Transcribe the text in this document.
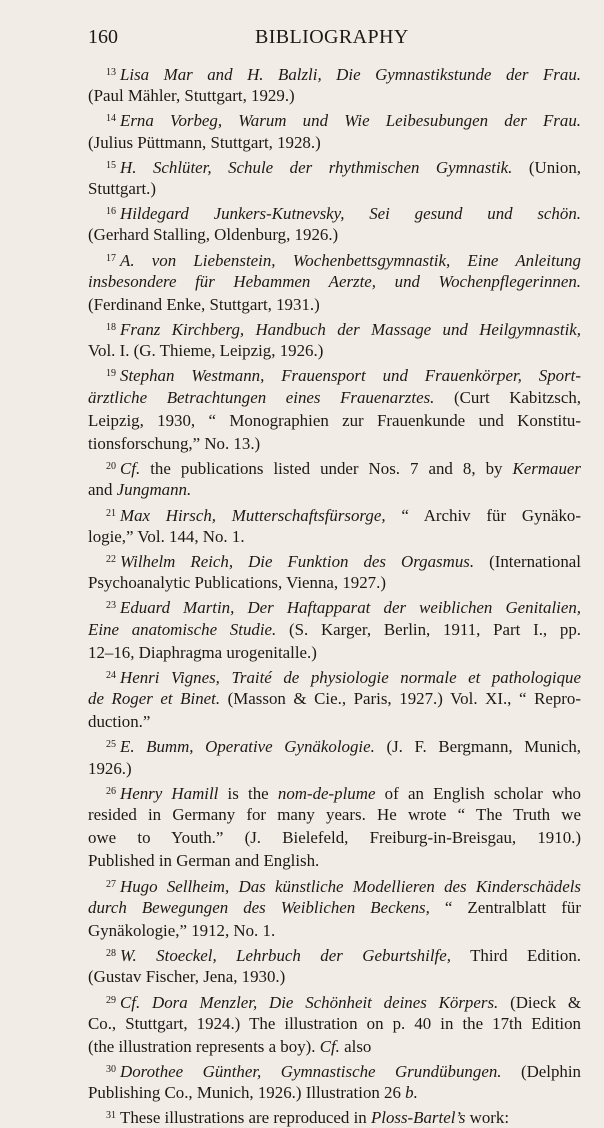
160	BIBLIOGRAPHY
$^{13}$ Lisa Mar and H. Balzli, Die Gymnastikstunde der Frau.
(Paul Mähler, Stuttgart, 1929.)
$^{14}$ Erna Vorbeg, Warum und Wie Leibesubungen der Frau.
(Julius Püttmann, Stuttgart, 1928.)
$^{15}$ H. Schlüter, Schule der rhythmischen Gymnastik. (Union,
Stuttgart.)
$^{16}$ Hildegard Junkers-Kutnevsky, Sei gesund und schön.
(Gerhard Stalling, Oldenburg, 1926.)
$^{17}$ A. von Liebenstein, Wochenbettsgymnastik, Eine Anleitung
insbesondere für Hebammen Aerzte, und Wochenpflegerinnen.
(Ferdinand Enke, Stuttgart, 1931.)
$^{18}$ Franz Kirchberg, Handbuch der Massage und Heilgymnastik,
Vol. I. (G. Thieme, Leipzig, 1926.)
$^{19}$ Stephan Westmann, Frauensport und Frauenkörper, Sport-
ärztliche Betrachtungen eines Frauenarztes. (Curt Kabitzsch,
Leipzig, 1930, “ Monographien zur Frauenkunde und Konstitu-
tionsforschung,” No. 13.)
$^{20}$ Cf. the publications listed under Nos. 7 and 8, by Kermauer
and Jungmann.
$^{21}$ Max Hirsch, Mutterschaftsfürsorge, “ Archiv für Gynäko-
logie,” Vol. 144, No. 1.
$^{22}$ Wilhelm Reich, Die Funktion des Orgasmus. (International
Psychoanalytic Publications, Vienna, 1927.)
$^{23}$ Eduard Martin, Der Haftapparat der weiblichen Genitalien,
Eine anatomische Studie. (S. Karger, Berlin, 1911, Part I., pp.
12–16, Diaphragma urogenitalle.)
$^{24}$ Henri Vignes, Traité de physiologie normale et pathologique
de Roger et Binet. (Masson & Cie., Paris, 1927.) Vol. XI., “ Repro-
duction.”
$^{25}$ E. Bumm, Operative Gynäkologie. (J. F. Bergmann, Munich,
1926.)
$^{26}$ Henry Hamill is the nom-de-plume of an English scholar who
resided in Germany for many years. He wrote “ The Truth we
owe to Youth.” (J. Bielefeld, Freiburg-in-Breisgau, 1910.)
Published in German and English.
$^{27}$ Hugo Sellheim, Das künstliche Modellieren des Kinderschädels
durch Bewegungen des Weiblichen Beckens, “ Zentralblatt für
Gynäkologie,” 1912, No. 1.
$^{28}$ W. Stoeckel, Lehrbuch der Geburtshilfe, Third Edition.
(Gustav Fischer, Jena, 1930.)
$^{29}$ Cf. Dora Menzler, Die Schönheit deines Körpers. (Dieck &
Co., Stuttgart, 1924.) The illustration on p. 40 in the 17th Edition
(the illustration represents a boy). Cf. also
$^{30}$ Dorothee Günther, Gymnastische Grundübungen. (Delphin
Publishing Co., Munich, 1926.) Illustration 26 b.
$^{31}$ These illustrations are reproduced in Ploss-Bartel’s work:
